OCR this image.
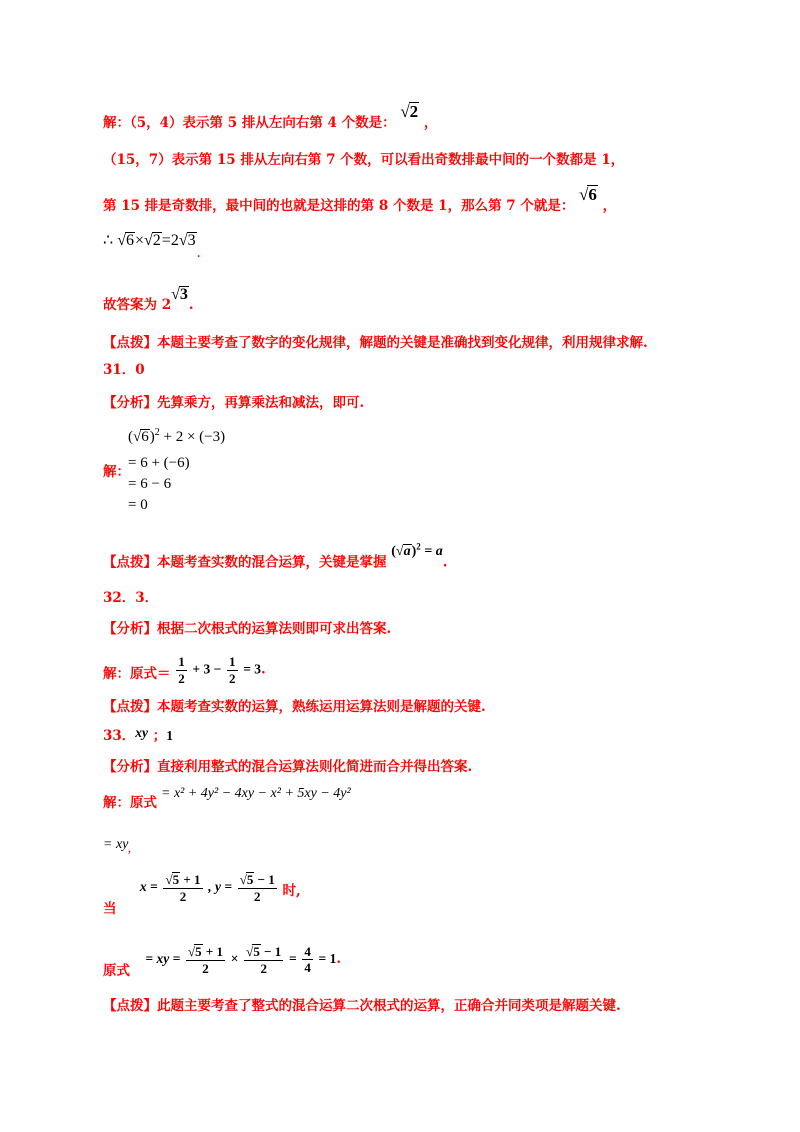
解：（5，4）表示第 5 排从左向右第 4 个数是： √2 ，
（15，7）表示第 15 排从左向右第 7 个数，可以看出奇数排最中间的一个数都是 1，
第 15 排是奇数排，最中间的也就是这排的第 8 个数是 1，那么第 7 个就是： √6 ，
∴ √6×√2=2√3.
故答案为 2√3.
【点拨】本题主要考查了数字的变化规律，解题的关键是准确找到变化规律，利用规律求解.
31．0
【分析】先算乘方，再算乘法和减法，即可.
$(√6)^2 + 2 \times (-3)$
解：
= 6 + (−6)
= 6 − 6
= 0
【点拨】本题考查实数的混合运算，关键是掌握 $(√a)^2 = a$.
32．3．
【分析】根据二次根式的运算法则即可求出答案.
解：原式＝ $\frac{1}{2} + 3 - \frac{1}{2} = 3$.
【点拨】本题考查实数的运算，熟练运用运算法则是解题的关键.
33．xy ；1
【分析】直接利用整式的混合运算法则化简进而合并得出答案.
解：原式
= x² + 4y² − 4xy − x² + 5xy − 4y²
= xy,
当  $x = \frac{√5 + 1}{2}$ , $y = \frac{√5 - 1}{2}$ 时,
原式  = xy = $\frac{√5 + 1}{2} \times \frac{√5 - 1}{2} = \frac{4}{4} = 1$.
【点拨】此题主要考查了整式的混合运算二次根式的运算，正确合并同类项是解题关键.
